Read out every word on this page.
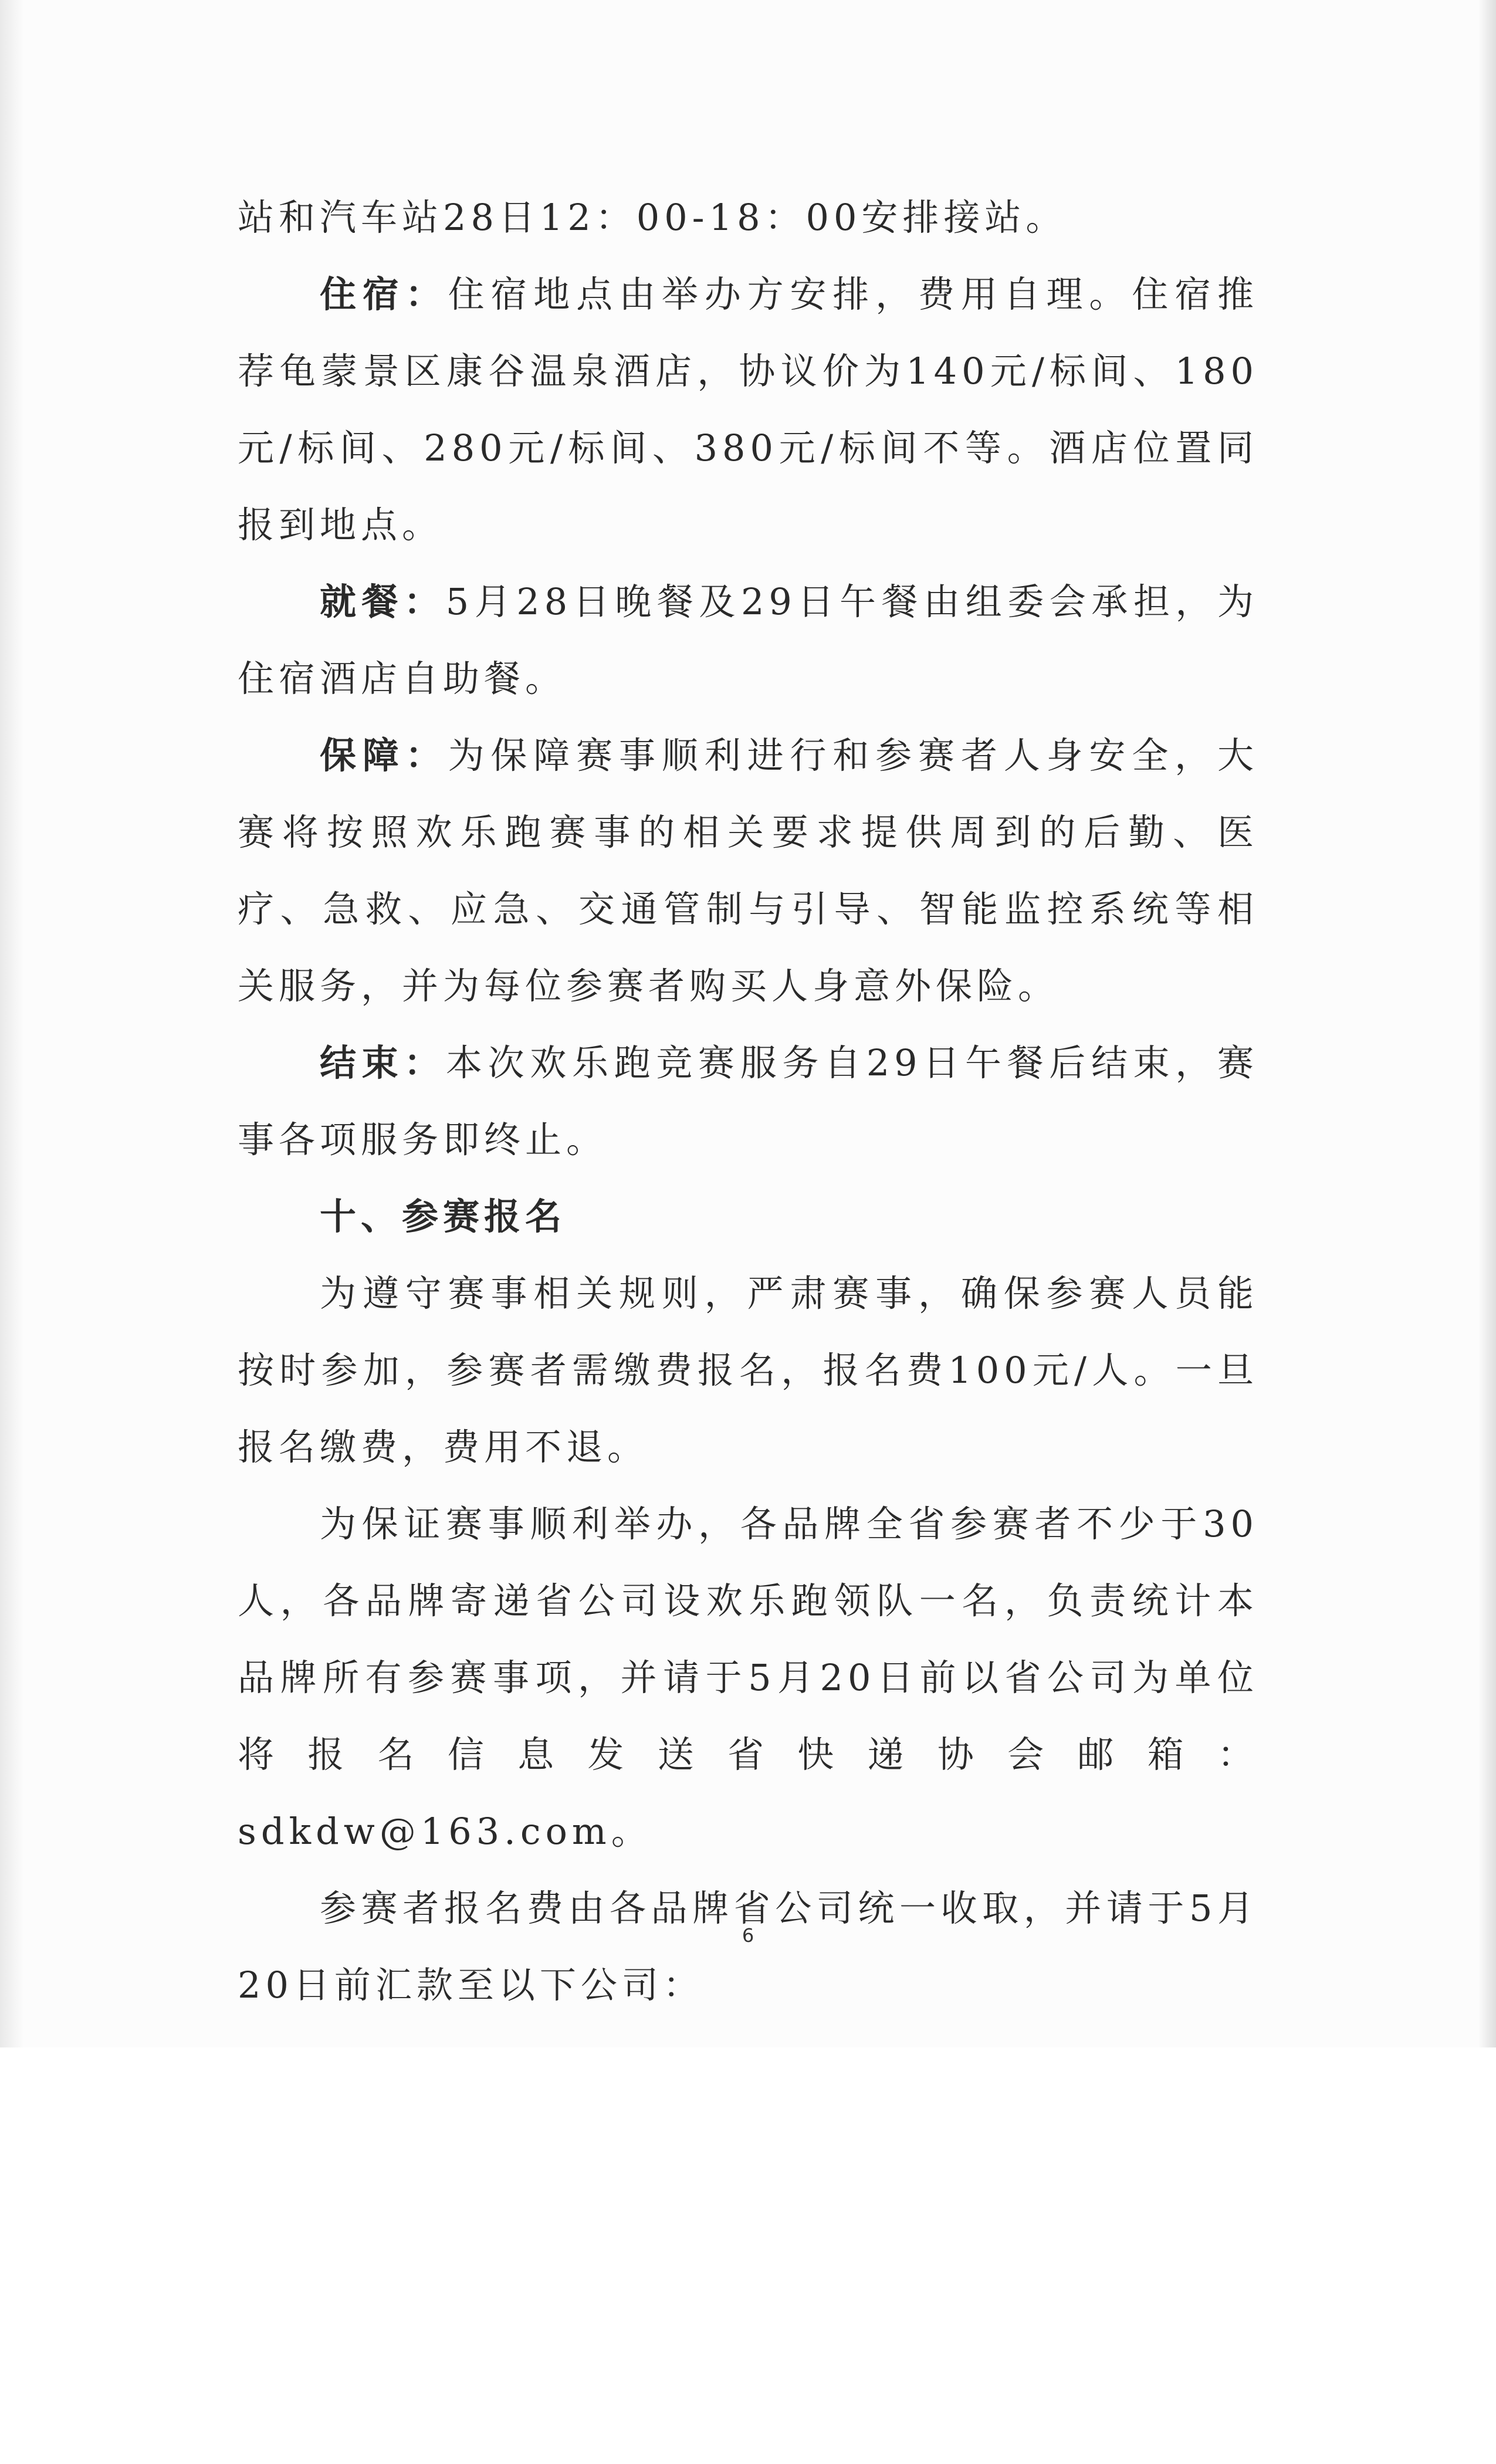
站和汽车站28日12：00-18：00安排接站。

住宿：住宿地点由举办方安排，费用自理。住宿推荐龟蒙景区康谷温泉酒店，协议价为140元/标间、180元/标间、280元/标间、380元/标间不等。酒店位置同报到地点。

就餐：5月28日晚餐及29日午餐由组委会承担，为住宿酒店自助餐。

保障：为保障赛事顺利进行和参赛者人身安全，大赛将按照欢乐跑赛事的相关要求提供周到的后勤、医疗、急救、应急、交通管制与引导、智能监控系统等相关服务，并为每位参赛者购买人身意外保险。

结束：本次欢乐跑竞赛服务自29日午餐后结束，赛事各项服务即终止。

十、参赛报名

为遵守赛事相关规则，严肃赛事，确保参赛人员能按时参加，参赛者需缴费报名，报名费100元/人。一旦报名缴费，费用不退。

为保证赛事顺利举办，各品牌全省参赛者不少于30人，各品牌寄递省公司设欢乐跑领队一名，负责统计本品牌所有参赛事项，并请于5月20日前以省公司为单位将报名信息发送省快递协会邮箱：sdkdw@163.com。

参赛者报名费由各品牌省公司统一收取，并请于5月20日前汇款至以下公司：

6
